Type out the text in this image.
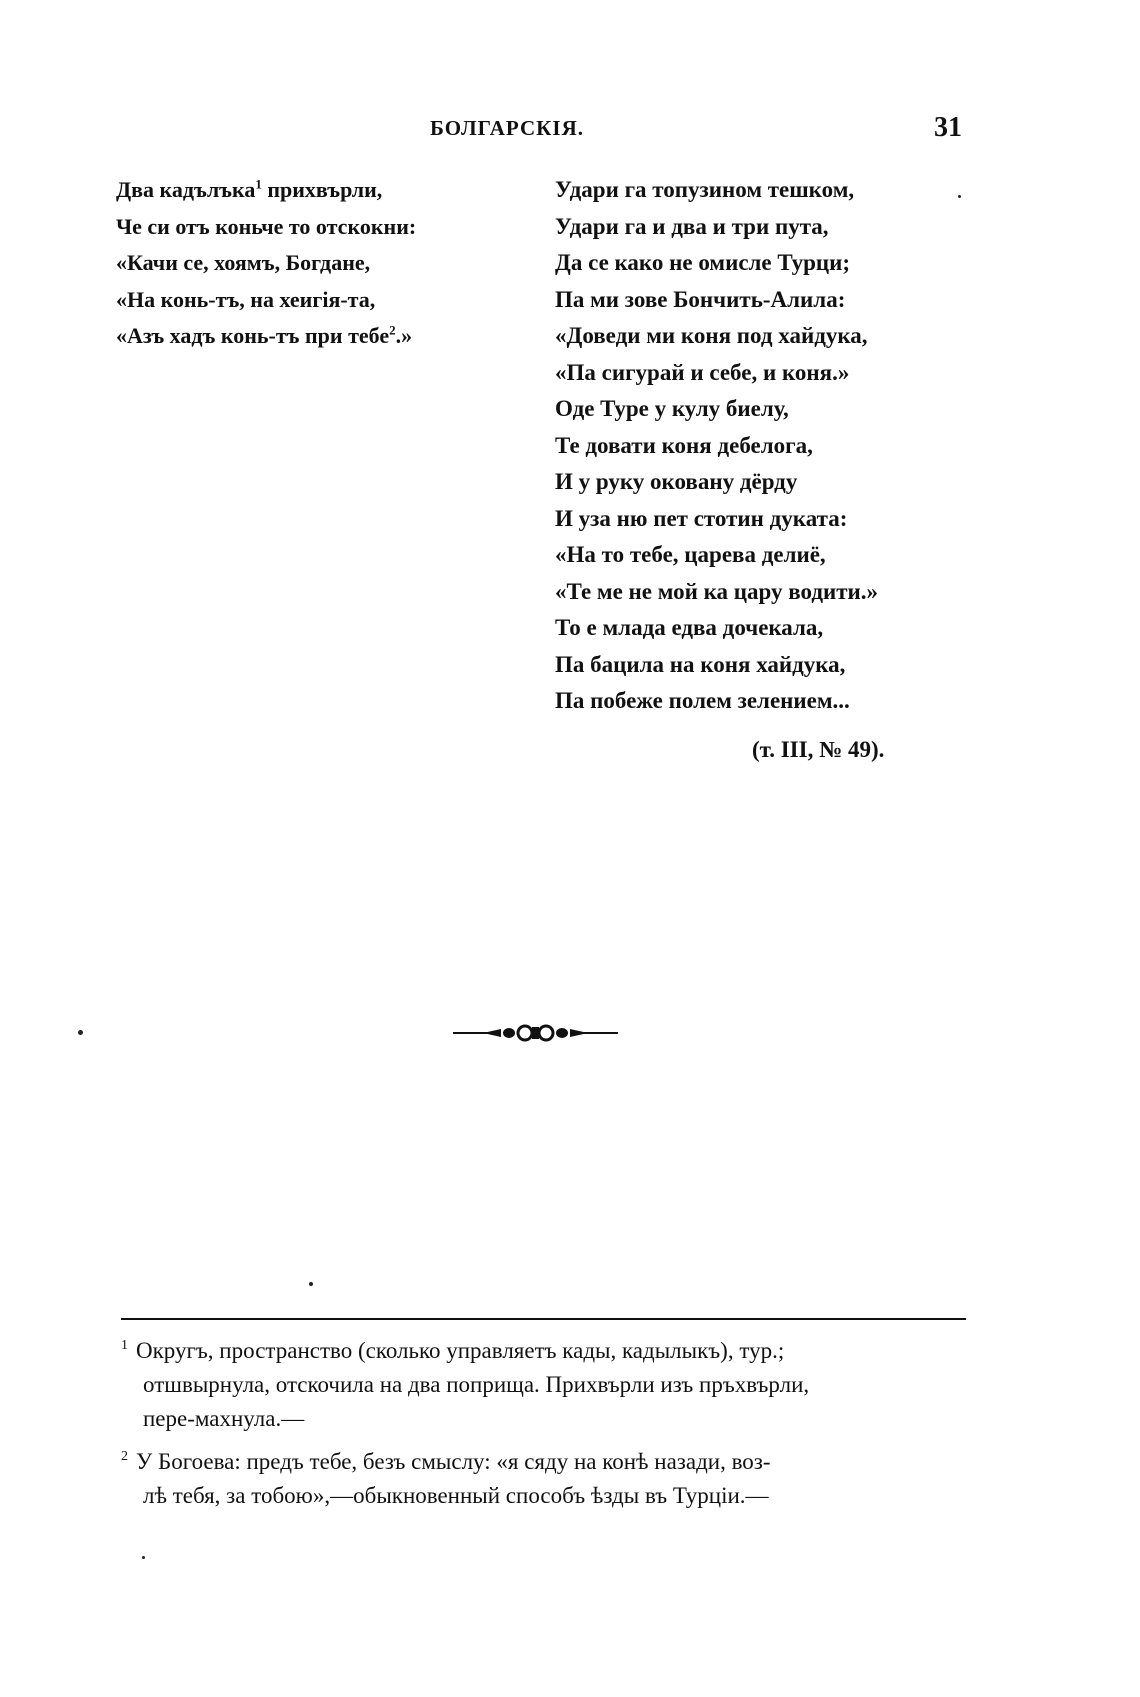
БОЛГАРСКІЯ.	31
Два кадълъка$^1$ прихвърли,
Че си отъ коньче то отскокни:
«Качи се, хоямъ, Богдане,
«На конь-тъ, на хеигія-та,
«Азъ хадъ конь-тъ при тебе$^2$.»
Удари га топузином тешком,
Удари га и два и три пута,
Да се како не омисле Турци;
Па ми зове Бончить-Алила:
«Доведи ми коня под хайдука,
«Па сигурай и себе, и коня.»
Оде Туре у кулу биелу,
Те довати коня дебелога,
И у руку оковану дёрду
И уза ню пет стотин дуката:
«На то тебе, царева делиё,
«Те ме не мой ка цару водити.»
То е млада едва дочекала,
Па бацила на коня хайдука,
Па побеже полем зелением...
(т. III, № 49).
$^1$ Округъ, пространство (сколько управляетъ кады, кадылыкъ), тур.;
отшвырнула, отскочила на два поприща. Прихвърли изъ пръхвърли,
пере-махнула.—
$^2$ У Богоева: предъ тебе, безъ смыслу: «я сяду на конѣ назади, воз-
лѣ тебя, за тобою»,—обыкновенный способъ ѣзды въ Турціи.—
